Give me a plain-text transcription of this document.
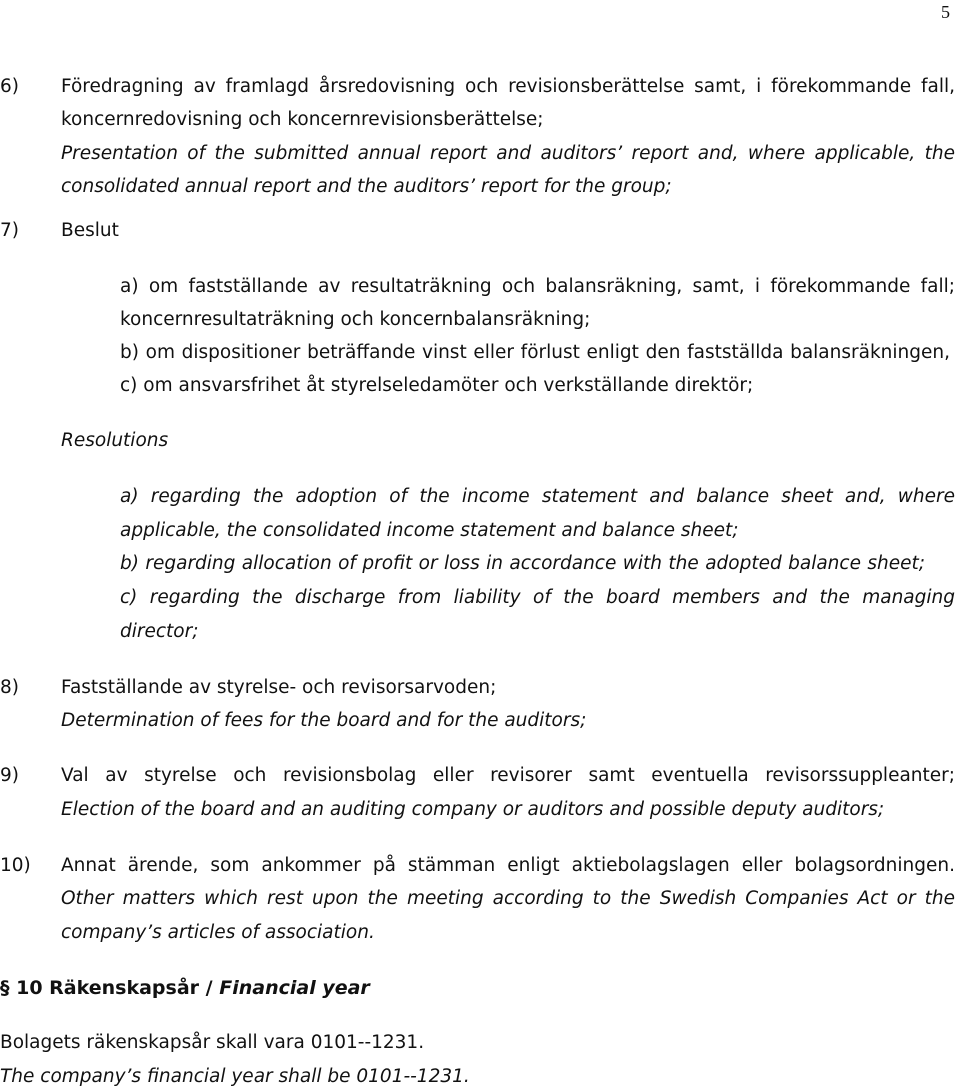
5
6) Föredragning av framlagd årsredovisning och revisionsberättelse samt, i förekommande fall,
koncernredovisning och koncernrevisionsberättelse;
Presentation of the submitted annual report and auditors’ report and, where applicable, the
consolidated annual report and the auditors’ report for the group;
7) Beslut
a) om fastställande av resultaträkning och balansräkning, samt, i förekommande fall;
koncernresultaträkning och koncernbalansräkning;
b) om dispositioner beträffande vinst eller förlust enligt den fastställda balansräkningen,
c) om ansvarsfrihet åt styrelseledamöter och verkställande direktör;
Resolutions
a) regarding the adoption of the income statement and balance sheet and, where
applicable, the consolidated income statement and balance sheet;
b) regarding allocation of profit or loss in accordance with the adopted balance sheet;
c) regarding the discharge from liability of the board members and the managing
director;
8) Fastställande av styrelse- och revisorsarvoden;
Determination of fees for the board and for the auditors;
9) Val av styrelse och revisionsbolag eller revisorer samt eventuella revisorssuppleanter;
Election of the board and an auditing company or auditors and possible deputy auditors;
10) Annat ärende, som ankommer på stämman enligt aktiebolagslagen eller bolagsordningen.
Other matters which rest upon the meeting according to the Swedish Companies Act or the
company’s articles of association.
§ 10 Räkenskapsår / Financial year
Bolagets räkenskapsår skall vara 0101--1231.
The company’s financial year shall be 0101--1231.
